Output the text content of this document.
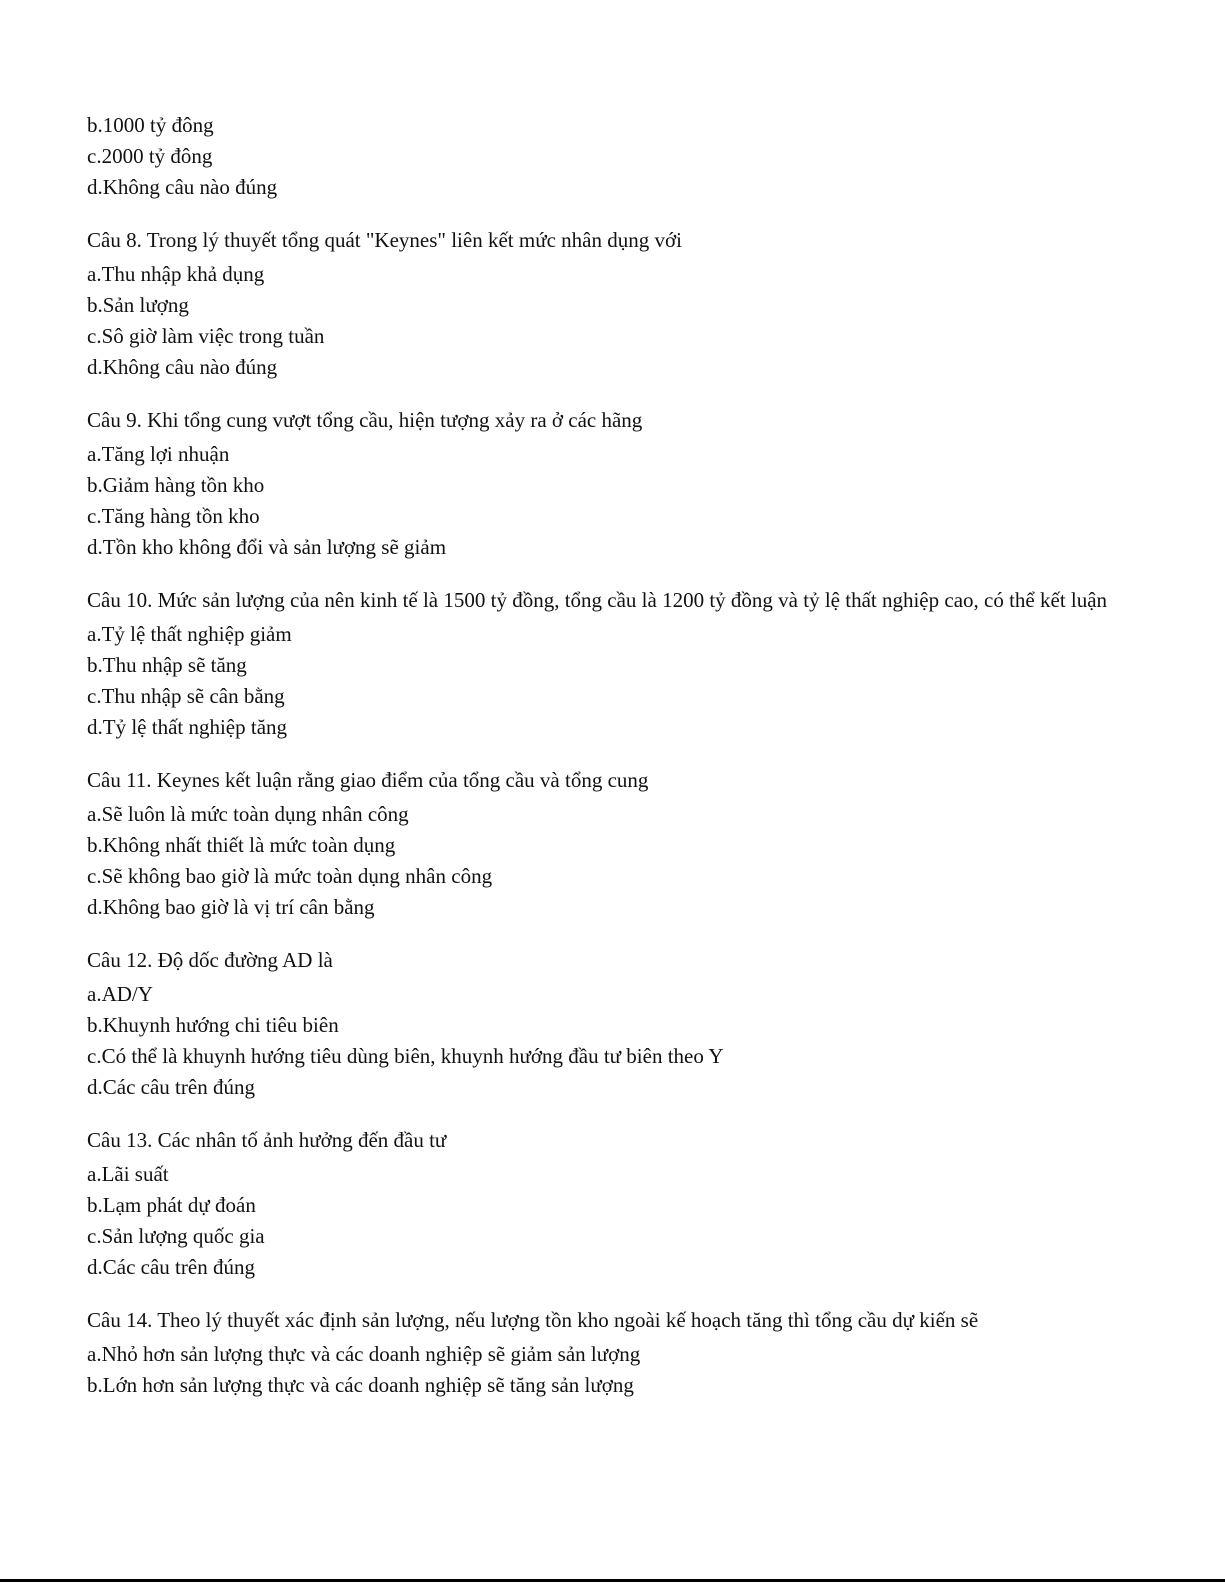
b.1000 tỷ đông
c.2000 tỷ đông
d.Không câu nào đúng
Câu 8. Trong lý thuyết tổng quát "Keynes" liên kết mức nhân dụng với
a.Thu nhập khả dụng
b.Sản lượng
c.Sô giờ làm việc trong tuần
d.Không câu nào đúng
Câu 9. Khi tổng cung vượt tổng cầu, hiện tượng xảy ra ở các hãng
a.Tăng lợi nhuận
b.Giảm hàng tồn kho
c.Tăng hàng tồn kho
d.Tồn kho không đổi và sản lượng sẽ giảm
Câu 10. Mức sản lượng của nên kinh tế là 1500 tỷ đồng, tổng cầu là 1200 tỷ đồng và tỷ lệ thất nghiệp cao, có thể kết luận
a.Tỷ lệ thất nghiệp giảm
b.Thu nhập sẽ tăng
c.Thu nhập sẽ cân bằng
d.Tỷ lệ thất nghiệp tăng
Câu 11. Keynes kết luận rằng giao điểm của tổng cầu và tổng cung
a.Sẽ luôn là mức toàn dụng nhân công
b.Không nhất thiết là mức toàn dụng
c.Sẽ không bao giờ là mức toàn dụng nhân công
d.Không bao giờ là vị trí cân bằng
Câu 12. Độ dốc đường AD là
a.AD/Y
b.Khuynh hướng chi tiêu biên
c.Có thể là khuynh hướng tiêu dùng biên, khuynh hướng đầu tư biên theo Y
d.Các câu trên đúng
Câu 13. Các nhân tố ảnh hưởng đến đầu tư
a.Lãi suất
b.Lạm phát dự đoán
c.Sản lượng quốc gia
d.Các câu trên đúng
Câu 14. Theo lý thuyết xác định sản lượng, nếu lượng tồn kho ngoài kế hoạch tăng thì tổng cầu dự kiến sẽ
a.Nhỏ hơn sản lượng thực và các doanh nghiệp sẽ giảm sản lượng
b.Lớn hơn sản lượng thực và các doanh nghiệp sẽ tăng sản lượng
